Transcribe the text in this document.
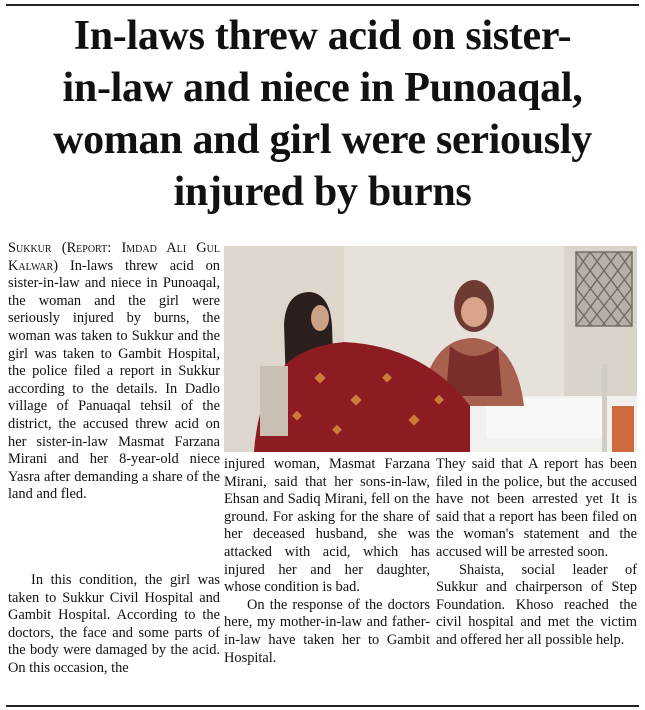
In-laws threw acid on sister-
in-law and niece in Punoaqal,
woman and girl were seriously
injured by burns

Sukkur (Report: Imdad Ali Gul Kalwar) In-laws threw acid on sister-in-law and niece in Punoaqal, the woman and the girl were seriously injured by burns, the woman was taken to Sukkur and the girl was taken to Gambit Hospital, the police filed a report in Sukkur according to the details. In Dadlo village of Panuaqal tehsil of the district, the accused threw acid on her sister-in-law Masmat Farzana Mirani and her 8-year-old niece Yasra after demanding a share of the land and fled.

In this condition, the girl was taken to Sukkur Civil Hospital and Gambit Hospital. According to the doctors, the face and some parts of the body were damaged by the acid. On this occasion, the

injured woman, Masmat Farzana Mirani, said that her sons-in-law, Ehsan and Sadiq Mirani, fell on the ground. For asking for the share of her deceased husband, she was attacked with acid, which has injured her and her daughter, whose condition is bad.

On the response of the doctors here, my mother-in-law and father-in-law have taken her to Gambit Hospital.

They said that A report has been filed in the police, but the accused have not been arrested yet It is said that a report has been filed on the woman's statement and the accused will be arrested soon.

Shaista, social leader of Sukkur and chairperson of Step Foundation. Khoso reached the civil hospital and met the victim and offered her all possible help.
